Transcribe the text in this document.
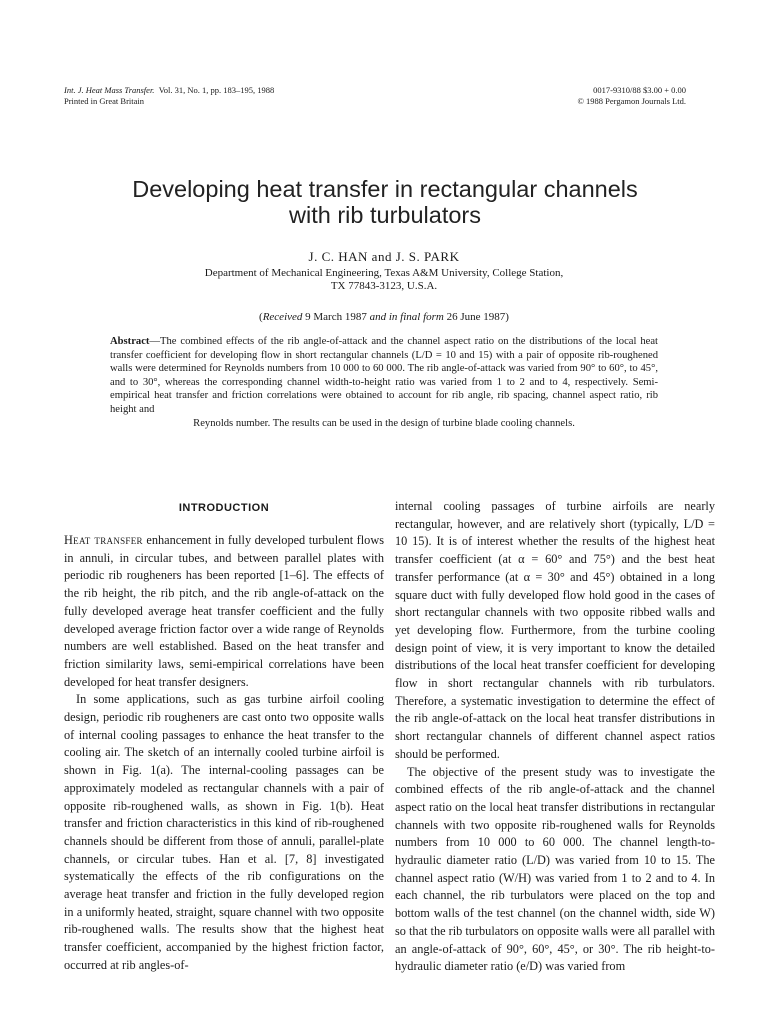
Int. J. Heat Mass Transfer. Vol. 31, No. 1, pp. 183–195, 1988
Printed in Great Britain
0017-9310/88 $3.00 + 0.00
© 1988 Pergamon Journals Ltd.
Developing heat transfer in rectangular channels
with rib turbulators
J. C. HAN and J. S. PARK
Department of Mechanical Engineering, Texas A&M University, College Station,
TX 77843-3123, U.S.A.
(Received 9 March 1987 and in final form 26 June 1987)
Abstract—The combined effects of the rib angle-of-attack and the channel aspect ratio on the distributions of the local heat transfer coefficient for developing flow in short rectangular channels (L/D = 10 and 15) with a pair of opposite rib-roughened walls were determined for Reynolds numbers from 10 000 to 60 000. The rib angle-of-attack was varied from 90° to 60°, to 45°, and to 30°, whereas the corresponding channel width-to-height ratio was varied from 1 to 2 and to 4, respectively. Semi-empirical heat transfer and friction correlations were obtained to account for rib angle, rib spacing, channel aspect ratio, rib height and
Reynolds number. The results can be used in the design of turbine blade cooling channels.
INTRODUCTION

Heat transfer enhancement in fully developed turbulent flows in annuli, in circular tubes, and between parallel plates with periodic rib rougheners has been reported [1–6]. The effects of the rib height, the rib pitch, and the rib angle-of-attack on the fully developed average heat transfer coefficient and the fully developed average friction factor over a wide range of Reynolds numbers are well established. Based on the heat transfer and friction similarity laws, semi-empirical correlations have been developed for heat transfer designers.

In some applications, such as gas turbine airfoil cooling design, periodic rib rougheners are cast onto two opposite walls of internal cooling passages to enhance the heat transfer to the cooling air. The sketch of an internally cooled turbine airfoil is shown in Fig. 1(a). The internal-cooling passages can be approximately modeled as rectangular channels with a pair of opposite rib-roughened walls, as shown in Fig. 1(b). Heat transfer and friction characteristics in this kind of rib-roughened channels should be different from those of annuli, parallel-plate channels, or circular tubes. Han et al. [7, 8] investigated systematically the effects of the rib configurations on the average heat transfer and friction in the fully developed region in a uniformly heated, straight, square channel with two opposite rib-roughened walls. The results show that the highest heat transfer coefficient, accompanied by the highest friction factor, occurred at rib angles-of-

internal cooling passages of turbine airfoils are nearly rectangular, however, and are relatively short (typically, L/D = 10 15). It is of interest whether the results of the highest heat transfer coefficient (at α = 60° and 75°) and the best heat transfer performance (at α = 30° and 45°) obtained in a long square duct with fully developed flow hold good in the cases of short rectangular channels with two opposite ribbed walls and yet developing flow. Furthermore, from the turbine cooling design point of view, it is very important to know the detailed distributions of the local heat transfer coefficient for developing flow in short rectangular channels with rib turbulators. Therefore, a systematic investigation to determine the effect of the rib angle-of-attack on the local heat transfer distributions in short rectangular channels of different channel aspect ratios should be performed.

The objective of the present study was to investigate the combined effects of the rib angle-of-attack and the channel aspect ratio on the local heat transfer distributions in rectangular channels with two opposite rib-roughened walls for Reynolds numbers from 10 000 to 60 000. The channel length-to-hydraulic diameter ratio (L/D) was varied from 10 to 15. The channel aspect ratio (W/H) was varied from 1 to 2 and to 4. In each channel, the rib turbulators were placed on the top and bottom walls of the test channel (on the channel width, side W) so that the rib turbulators on opposite walls were all parallel with an angle-of-attack of 90°, 60°, 45°, or 30°. The rib height-to-hydraulic diameter ratio (e/D) was varied from
